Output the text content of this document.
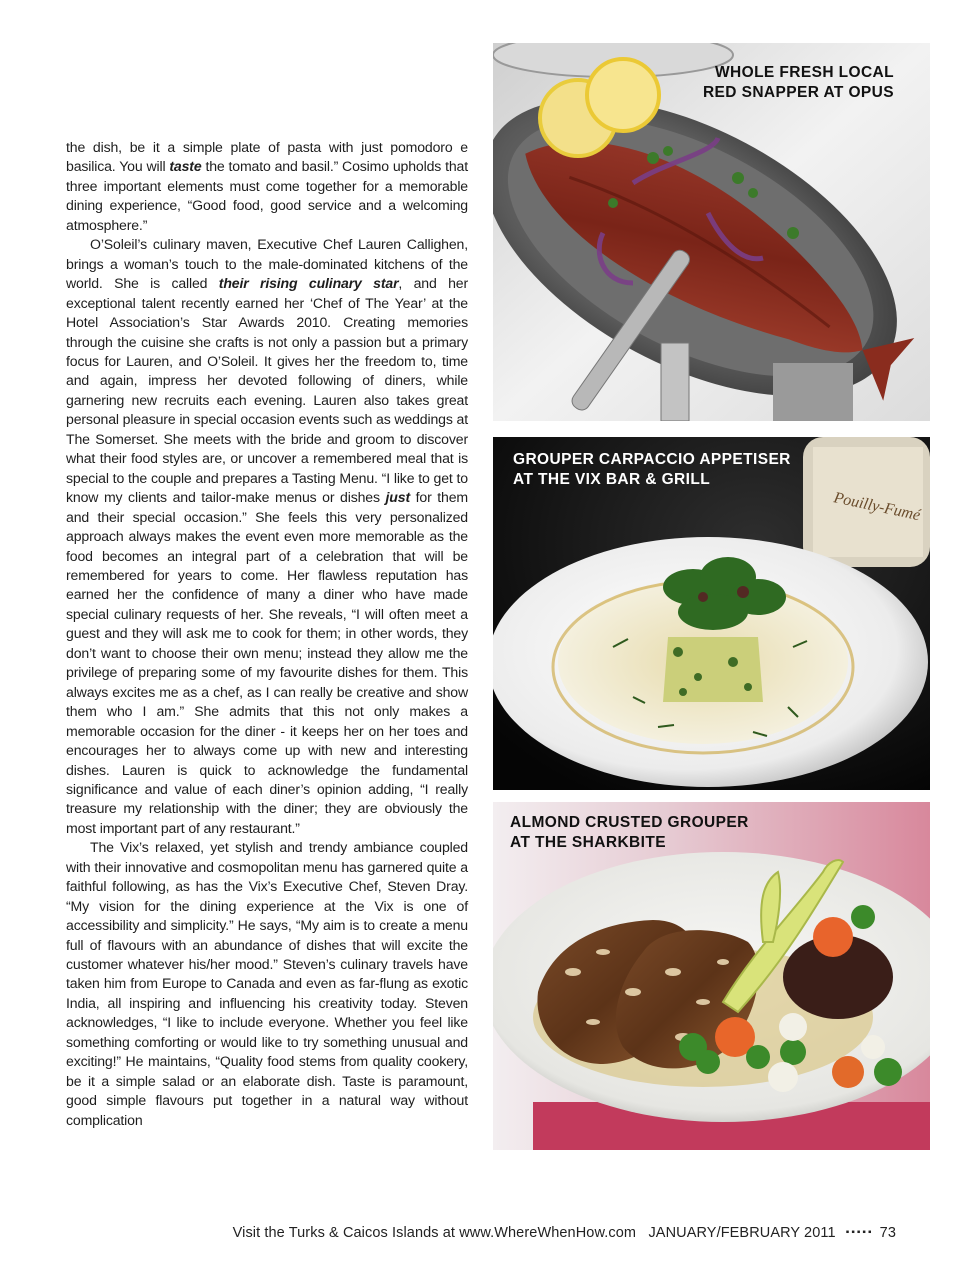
the dish, be it a simple plate of pasta with just pomodoro e basilica. You will taste the tomato and basil.” Cosimo upholds that three important elements must come together for a memorable dining experience, “Good food, good service and a welcoming atmosphere.”

O’Soleil’s culinary maven, Executive Chef Lauren Callighen, brings a woman’s touch to the male-dominated kitchens of the world. She is called their rising culinary star, and her exceptional talent recently earned her ‘Chef of The Year’ at the Hotel Association’s Star Awards 2010. Creating memories through the cuisine she crafts is not only a passion but a primary focus for Lauren, and O’Soleil. It gives her the freedom to, time and again, impress her devoted following of diners, while garnering new recruits each evening. Lauren also takes great personal pleasure in special occasion events such as weddings at The Somerset. She meets with the bride and groom to discover what their food styles are, or uncover a remembered meal that is special to the couple and prepares a Tasting Menu. “I like to get to know my clients and tailor-make menus or dishes just for them and their special occasion.” She feels this very personalized approach always makes the event even more memorable as the food becomes an integral part of a celebration that will be remembered for years to come. Her flawless reputation has earned her the confidence of many a diner who have made special culinary requests of her. She reveals, “I will often meet a guest and they will ask me to cook for them; in other words, they don’t want to choose their own menu; instead they allow me the privilege of preparing some of my favourite dishes for them. This always excites me as a chef, as I can really be creative and show them who I am.” She admits that this not only makes a memorable occasion for the diner - it keeps her on her toes and encourages her to always come up with new and interesting dishes. Lauren is quick to acknowledge the fundamental significance and value of each diner’s opinion adding, “I really treasure my relationship with the diner; they are obviously the most important part of any restaurant.”

The Vix’s relaxed, yet stylish and trendy ambiance coupled with their innovative and cosmopolitan menu has garnered quite a faithful following, as has the Vix’s Executive Chef, Steven Dray. “My vision for the dining experience at the Vix is one of accessibility and simplicity.” He says, “My aim is to create a menu full of flavours with an abundance of dishes that will excite the customer whatever his/her mood.” Steven’s culinary travels have taken him from Europe to Canada and even as far-flung as exotic India, all inspiring and influencing his creativity today. Steven acknowledges, “I like to include everyone. Whether you feel like something comforting or would like to try something unusual and exciting!” He maintains, “Quality food stems from quality cookery, be it a simple salad or an elaborate dish. Taste is paramount, good simple flavours put together in a natural way without complication

WHOLE FRESH LOCAL
RED SNAPPER AT OPUS
Pouilly-Fumé
GROUPER CARPACCIO APPETISER
AT THE VIX BAR & GRILL
ALMOND CRUSTED GROUPER
AT THE SHARKBITE
Visit the Turks & Caicos Islands at www.WhereWhenHow.com JANUARY/FEBRUARY 2011 ▪▪▪▪▪ 73
